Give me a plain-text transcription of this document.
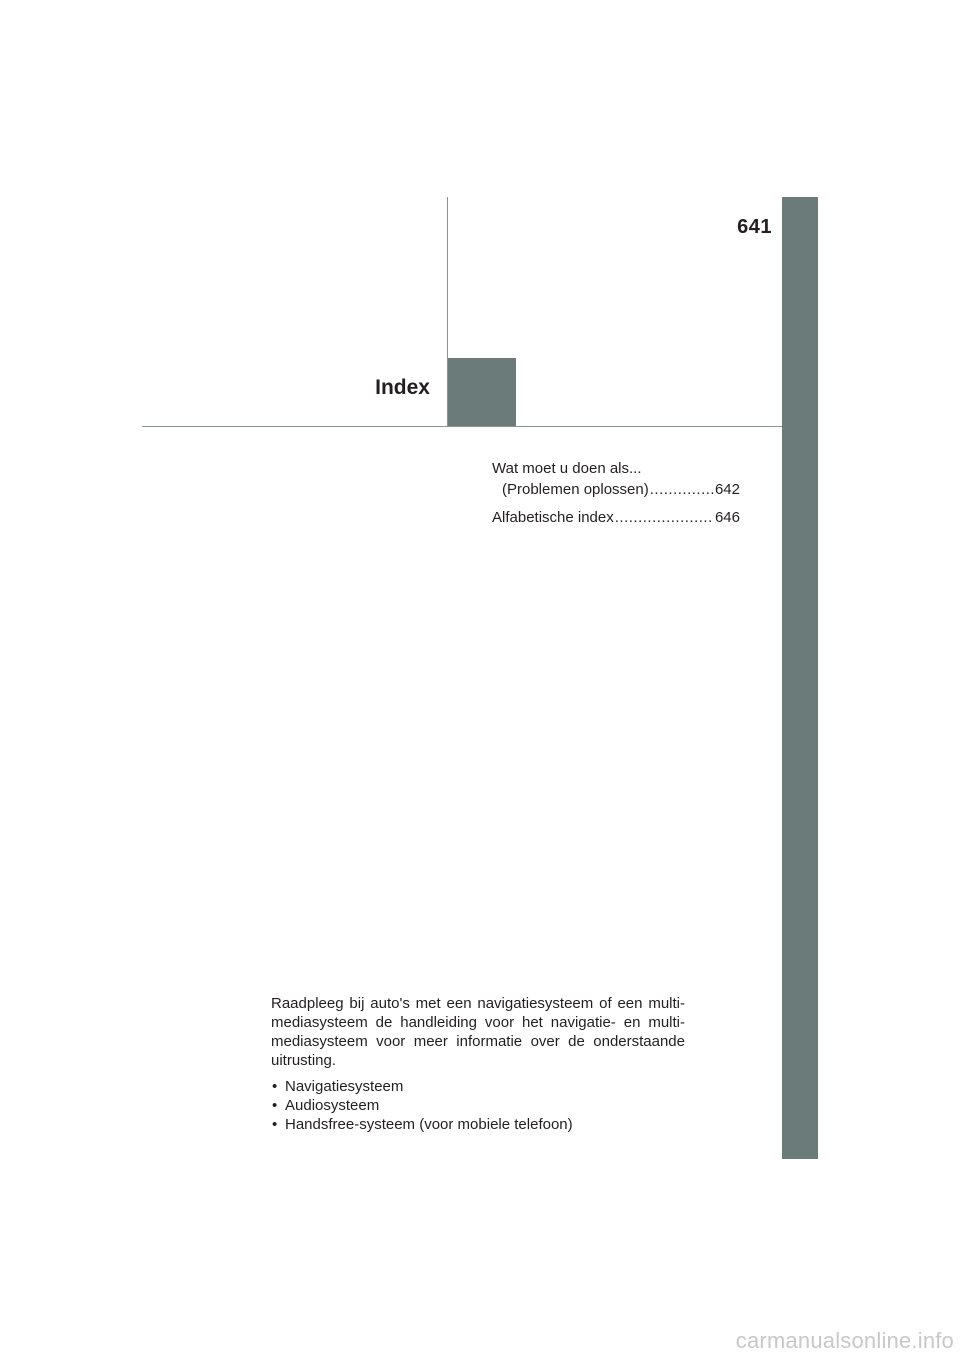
641
Index
Wat moet u doen als...
(Problemen oplossen) .....	642
Alfabetische index .....	646

Raadpleeg bij auto's met een navigatiesysteem of een multi-mediasysteem de handleiding voor het navigatie- en multi-mediasysteem voor meer informatie over de onderstaande uitrusting.

• Navigatiesysteem
• Audiosysteem
• Handsfree-systeem (voor mobiele telefoon)
carmanualsonline.info
